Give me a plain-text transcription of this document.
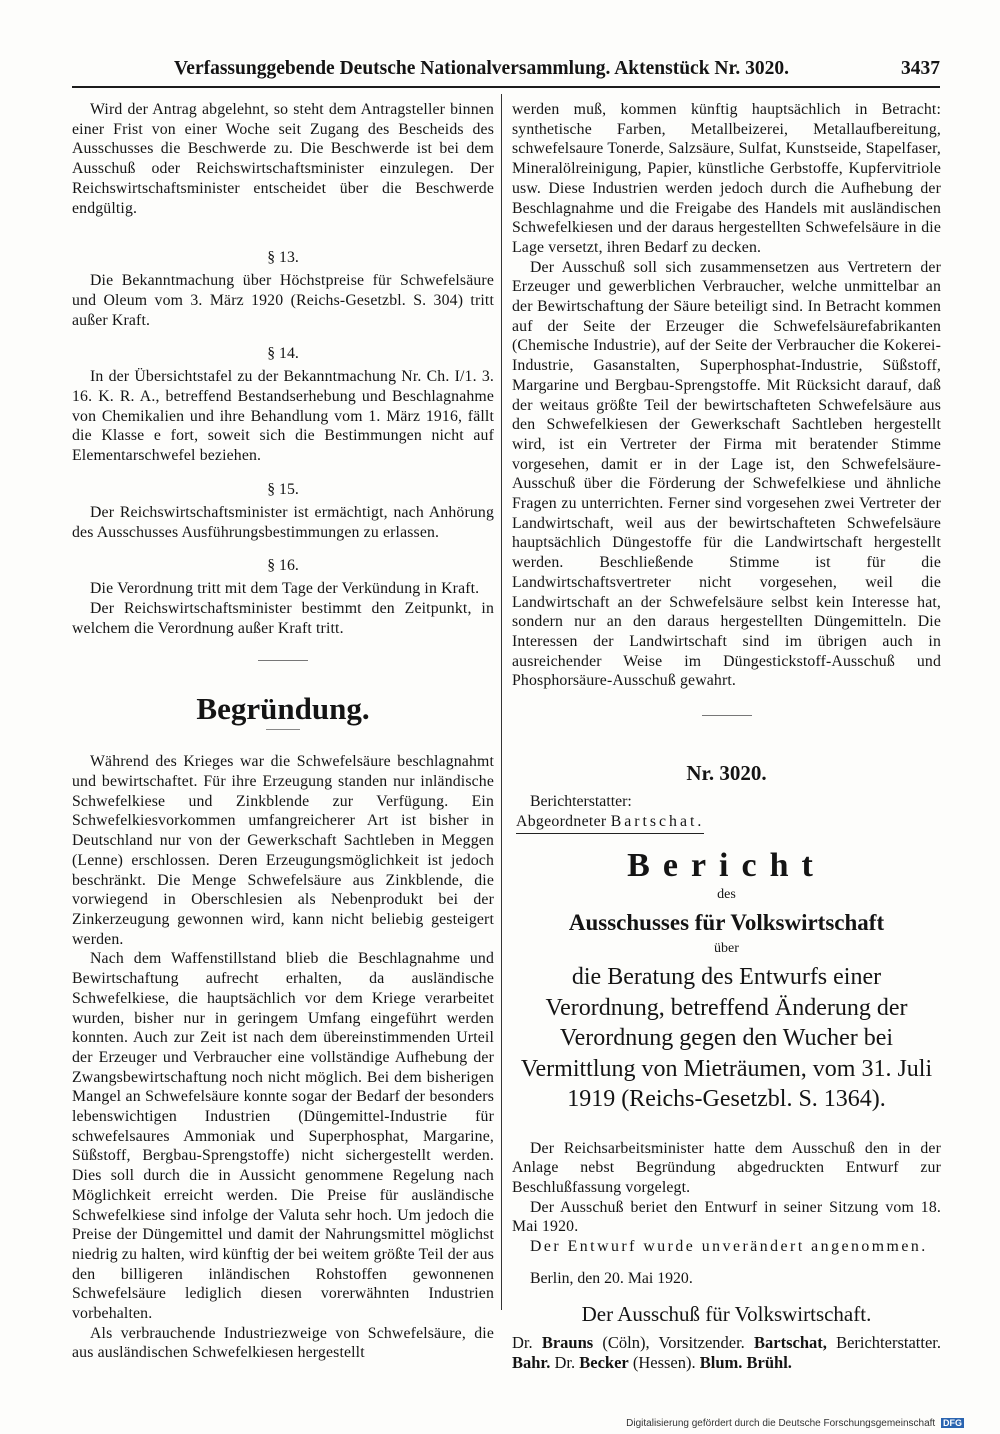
Verfassunggebende Deutsche Nationalversammlung. Aktenstück Nr. 3020.	3437

Wird der Antrag abgelehnt, so steht dem Antragsteller binnen einer Frist von einer Woche seit Zugang des Bescheids des Ausschusses die Beschwerde zu. Die Beschwerde ist bei dem Ausschuß oder Reichswirtschaftsminister einzulegen. Der Reichswirtschaftsminister entscheidet über die Beschwerde endgültig.

§ 13.

Die Bekanntmachung über Höchstpreise für Schwefelsäure und Oleum vom 3. März 1920 (Reichs-Gesetzbl. S. 304) tritt außer Kraft.

§ 14.

In der Übersichtstafel zu der Bekanntmachung Nr. Ch. I/1. 3. 16. K. R. A., betreffend Bestandserhebung und Beschlagnahme von Chemikalien und ihre Behandlung vom 1. März 1916, fällt die Klasse e fort, soweit sich die Bestimmungen nicht auf Elementarschwefel beziehen.

§ 15.

Der Reichswirtschaftsminister ist ermächtigt, nach Anhörung des Ausschusses Ausführungsbestimmungen zu erlassen.

§ 16.

Die Verordnung tritt mit dem Tage der Verkündung in Kraft.

Der Reichswirtschaftsminister bestimmt den Zeitpunkt, in welchem die Verordnung außer Kraft tritt.

Begründung.

Während des Krieges war die Schwefelsäure beschlagnahmt und bewirtschaftet. Für ihre Erzeugung standen nur inländische Schwefelkiese und Zinkblende zur Verfügung. Ein Schwefelkiesvorkommen umfangreicherer Art ist bisher in Deutschland nur von der Gewerkschaft Sachtleben in Meggen (Lenne) erschlossen. Deren Erzeugungsmöglichkeit ist jedoch beschränkt. Die Menge Schwefelsäure aus Zinkblende, die vorwiegend in Oberschlesien als Nebenprodukt bei der Zinkerzeugung gewonnen wird, kann nicht beliebig gesteigert werden.

Nach dem Waffenstillstand blieb die Beschlagnahme und Bewirtschaftung aufrecht erhalten, da ausländische Schwefelkiese, die hauptsächlich vor dem Kriege verarbeitet wurden, bisher nur in geringem Umfang eingeführt werden konnten. Auch zur Zeit ist nach dem übereinstimmenden Urteil der Erzeuger und Verbraucher eine vollständige Aufhebung der Zwangsbewirtschaftung noch nicht möglich. Bei dem bisherigen Mangel an Schwefelsäure konnte sogar der Bedarf der besonders lebenswichtigen Industrien (Düngemittel-Industrie für schwefelsaures Ammoniak und Superphosphat, Margarine, Süßstoff, Bergbau-Sprengstoffe) nicht sichergestellt werden. Dies soll durch die in Aussicht genommene Regelung nach Möglichkeit erreicht werden. Die Preise für ausländische Schwefelkiese sind infolge der Valuta sehr hoch. Um jedoch die Preise der Düngemittel und damit der Nahrungsmittel möglichst niedrig zu halten, wird künftig der bei weitem größte Teil der aus den billigeren inländischen Rohstoffen gewonnenen Schwefelsäure lediglich diesen vorerwähnten Industrien vorbehalten.

Als verbrauchende Industriezweige von Schwefelsäure, die aus ausländischen Schwefelkiesen hergestellt

werden muß, kommen künftig hauptsächlich in Betracht: synthetische Farben, Metallbeizerei, Metallaufbereitung, schwefelsaure Tonerde, Salzsäure, Sulfat, Kunstseide, Stapelfaser, Mineralölreinigung, Papier, künstliche Gerbstoffe, Kupfervitriole usw. Diese Industrien werden jedoch durch die Aufhebung der Beschlagnahme und die Freigabe des Handels mit ausländischen Schwefelkiesen und der daraus hergestellten Schwefelsäure in die Lage versetzt, ihren Bedarf zu decken.

Der Ausschuß soll sich zusammensetzen aus Vertretern der Erzeuger und gewerblichen Verbraucher, welche unmittelbar an der Bewirtschaftung der Säure beteiligt sind. In Betracht kommen auf der Seite der Erzeuger die Schwefelsäurefabrikanten (Chemische Industrie), auf der Seite der Verbraucher die Kokerei-Industrie, Gasanstalten, Superphosphat-Industrie, Süßstoff, Margarine und Bergbau-Sprengstoffe. Mit Rücksicht darauf, daß der weitaus größte Teil der bewirtschafteten Schwefelsäure aus den Schwefelkiesen der Gewerkschaft Sachtleben hergestellt wird, ist ein Vertreter der Firma mit beratender Stimme vorgesehen, damit er in der Lage ist, den Schwefelsäure-Ausschuß über die Förderung der Schwefelkiese und ähnliche Fragen zu unterrichten. Ferner sind vorgesehen zwei Vertreter der Landwirtschaft, weil aus der bewirtschafteten Schwefelsäure hauptsächlich Düngestoffe für die Landwirtschaft hergestellt werden. Beschließende Stimme ist für die Landwirtschaftsvertreter nicht vorgesehen, weil die Landwirtschaft an der Schwefelsäure selbst kein Interesse hat, sondern nur an den daraus hergestellten Düngemitteln. Die Interessen der Landwirtschaft sind im übrigen auch in ausreichender Weise im Düngestickstoff-Ausschuß und Phosphorsäure-Ausschuß gewahrt.

Nr. 3020.
Berichterstatter:
Abgeordneter Bartschat.
Bericht
des
Ausschusses für Volkswirtschaft
über
die Beratung des Entwurfs einer Verordnung, betreffend Änderung der Verordnung gegen den Wucher bei Vermittlung von Mieträumen, vom 31. Juli 1919 (Reichs-Gesetzbl. S. 1364).

Der Reichsarbeitsminister hatte dem Ausschuß den in der Anlage nebst Begründung abgedruckten Entwurf zur Beschlußfassung vorgelegt.

Der Ausschuß beriet den Entwurf in seiner Sitzung vom 18. Mai 1920.

Der Entwurf wurde unverändert angenommen.

Berlin, den 20. Mai 1920.
Der Ausschuß für Volkswirtschaft.
Dr. Brauns (Cöln), Vorsitzender. Bartschat, Berichterstatter. Bahr. Dr. Becker (Hessen). Blum. Brühl.
Digitalisierung gefördert durch die Deutsche Forschungsgemeinschaft DFG
